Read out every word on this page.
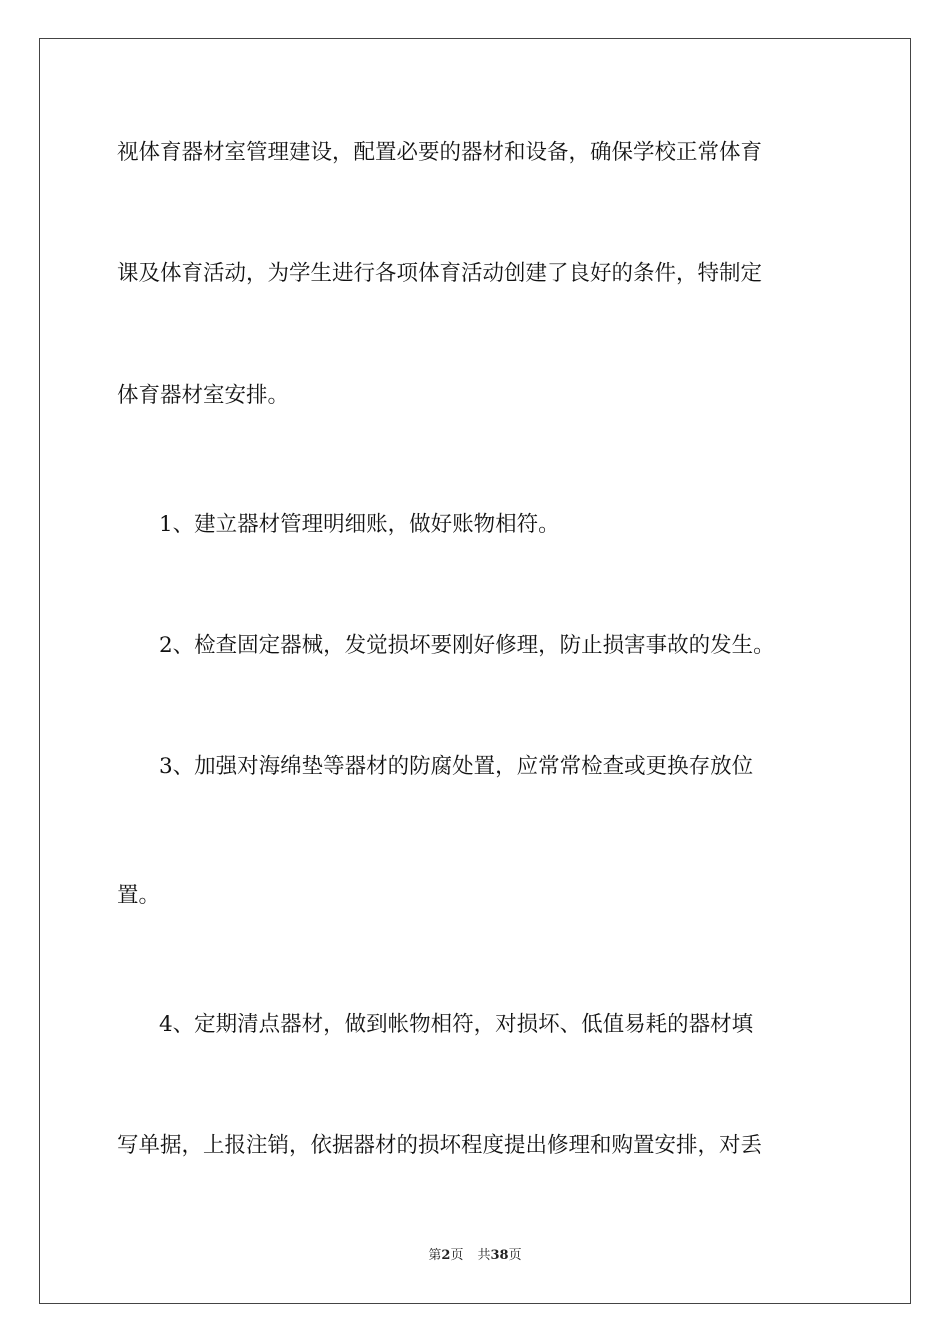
视体育器材室管理建设，配置必要的器材和设备，确保学校正常体育
课及体育活动，为学生进行各项体育活动创建了良好的条件，特制定
体育器材室安排。
1、建立器材管理明细账，做好账物相符。
2、检查固定器械，发觉损坏要刚好修理，防止损害事故的发生。
3、加强对海绵垫等器材的防腐处置，应常常检查或更换存放位
置。
4、定期清点器材，做到帐物相符，对损坏、低值易耗的器材填
写单据，上报注销，依据器材的损坏程度提出修理和购置安排，对丢
第2页 共38页
